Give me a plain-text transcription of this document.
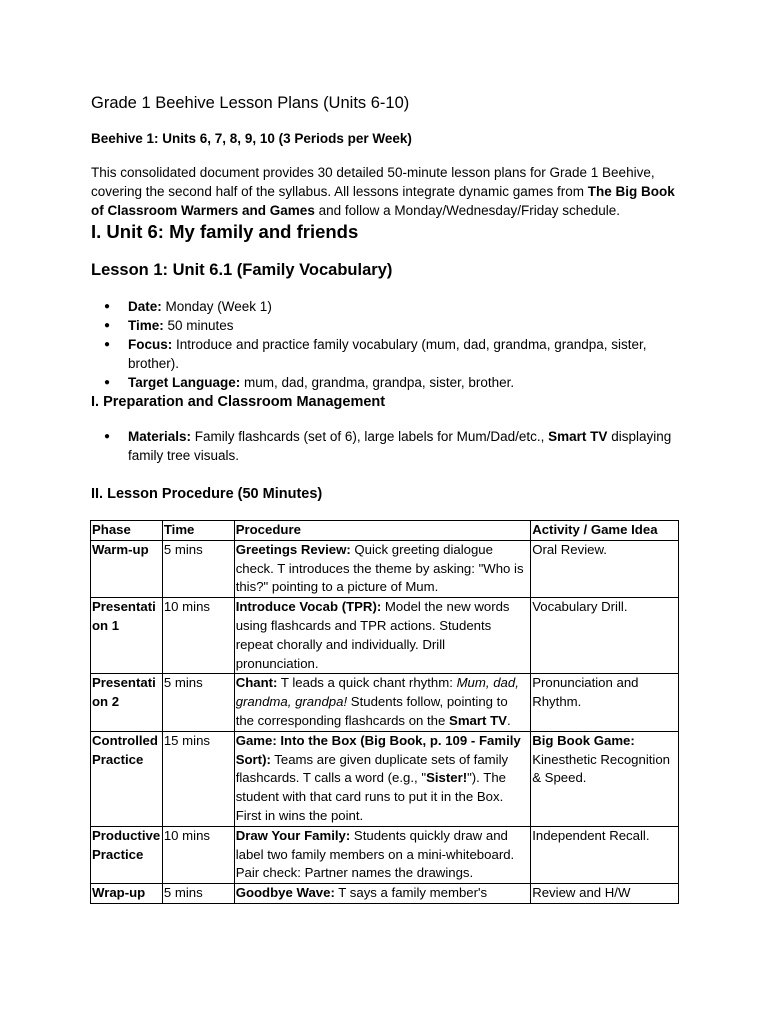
Grade 1 Beehive Lesson Plans (Units 6-10)

Beehive 1: Units 6, 7, 8, 9, 10 (3 Periods per Week)

This consolidated document provides 30 detailed 50-minute lesson plans for Grade 1 Beehive, covering the second half of the syllabus. All lessons integrate dynamic games from The Big Book of Classroom Warmers and Games and follow a Monday/Wednesday/Friday schedule.

I. Unit 6: My family and friends
Lesson 1: Unit 6.1 (Family Vocabulary)
● Date: Monday (Week 1)
● Time: 50 minutes
● Focus: Introduce and practice family vocabulary (mum, dad, grandma, grandpa, sister, brother).
● Target Language: mum, dad, grandma, grandpa, sister, brother.
I. Preparation and Classroom Management
● Materials: Family flashcards (set of 6), large labels for Mum/Dad/etc., Smart TV displaying family tree visuals.
II. Lesson Procedure (50 Minutes)
Phase	Time	Procedure	Activity / Game Idea
Warm-up	5 mins	Greetings Review: Quick greeting dialogue check. T introduces the theme by asking: "Who is this?" pointing to a picture of Mum.	Oral Review.
Presentation 1	10 mins	Introduce Vocab (TPR): Model the new words using flashcards and TPR actions. Students repeat chorally and individually. Drill pronunciation.	Vocabulary Drill.
Presentation 2	5 mins	Chant: T leads a quick chant rhythm: Mum, dad, grandma, grandpa! Students follow, pointing to the corresponding flashcards on the Smart TV.	Pronunciation and Rhythm.
Controlled Practice	15 mins	Game: Into the Box (Big Book, p. 109 - Family Sort): Teams are given duplicate sets of family flashcards. T calls a word (e.g., "Sister!"). The student with that card runs to put it in the Box. First in wins the point.	Big Book Game: Kinesthetic Recognition & Speed.
Productive Practice	10 mins	Draw Your Family: Students quickly draw and label two family members on a mini-whiteboard. Pair check: Partner names the drawings.	Independent Recall.
Wrap-up	5 mins	Goodbye Wave: T says a family member's	Review and H/W
